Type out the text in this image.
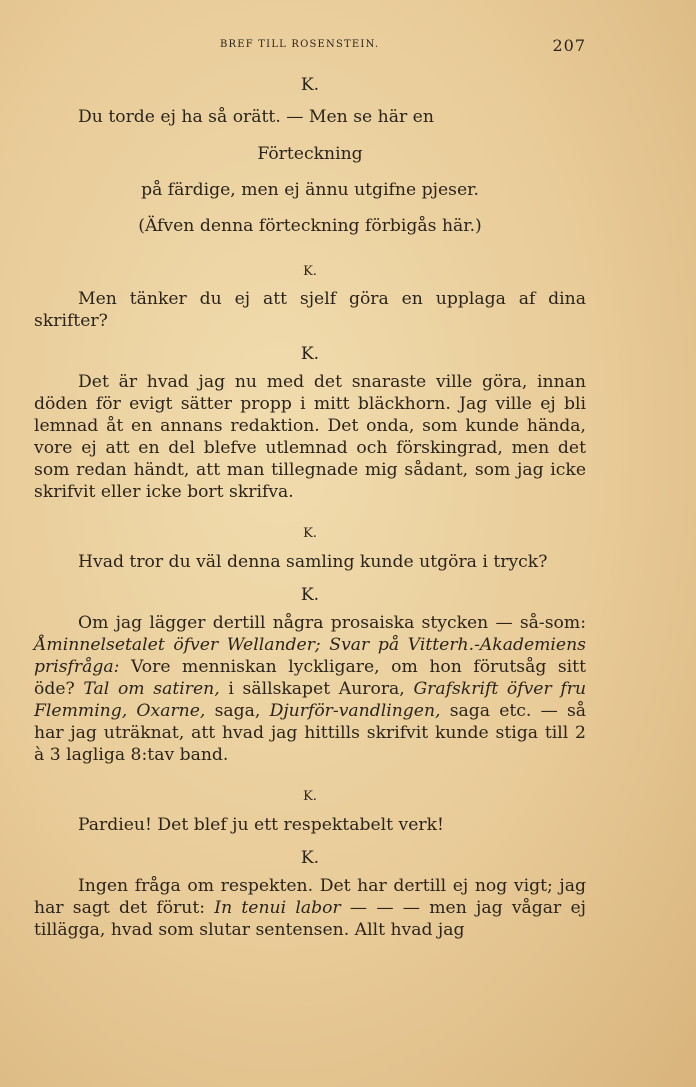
BREF TILL ROSENSTEIN.	207

K.

Du torde ej ha så orätt. — Men se här en

Förteckning

på färdige, men ej ännu utgifne pjeser.

(Äfven denna förteckning förbigås här.)

K.

Men tänker du ej att sjelf göra en upplaga af dina skrifter?

K.

Det är hvad jag nu med det snaraste ville göra, innan döden för evigt sätter propp i mitt bläckhorn. Jag ville ej bli lemnad åt en annans redaktion. Det onda, som kunde hända, vore ej att en del blefve utlemnad och förskingrad, men det som redan händt, att man tillegnade mig sådant, som jag icke skrifvit eller icke bort skrifva.

K.

Hvad tror du väl denna samling kunde utgöra i tryck?

K.

Om jag lägger dertill några prosaiska stycken — så-som: Åminnelsetalet öfver Wellander; Svar på Vitterh.-Akademiens prisfråga: Vore menniskan lyckligare, om hon förutsåg sitt öde? Tal om satiren, i sällskapet Aurora, Grafskrift öfver fru Flemming, Oxarne, saga, Djurför-vandlingen, saga etc. — så har jag uträknat, att hvad jag hittills skrifvit kunde stiga till 2 à 3 lagliga 8:tav band.

K.

Pardieu! Det blef ju ett respektabelt verk!

K.

Ingen fråga om respekten. Det har dertill ej nog vigt; jag har sagt det förut: In tenui labor — — — men jag vågar ej tillägga, hvad som slutar sentensen. Allt hvad jag
